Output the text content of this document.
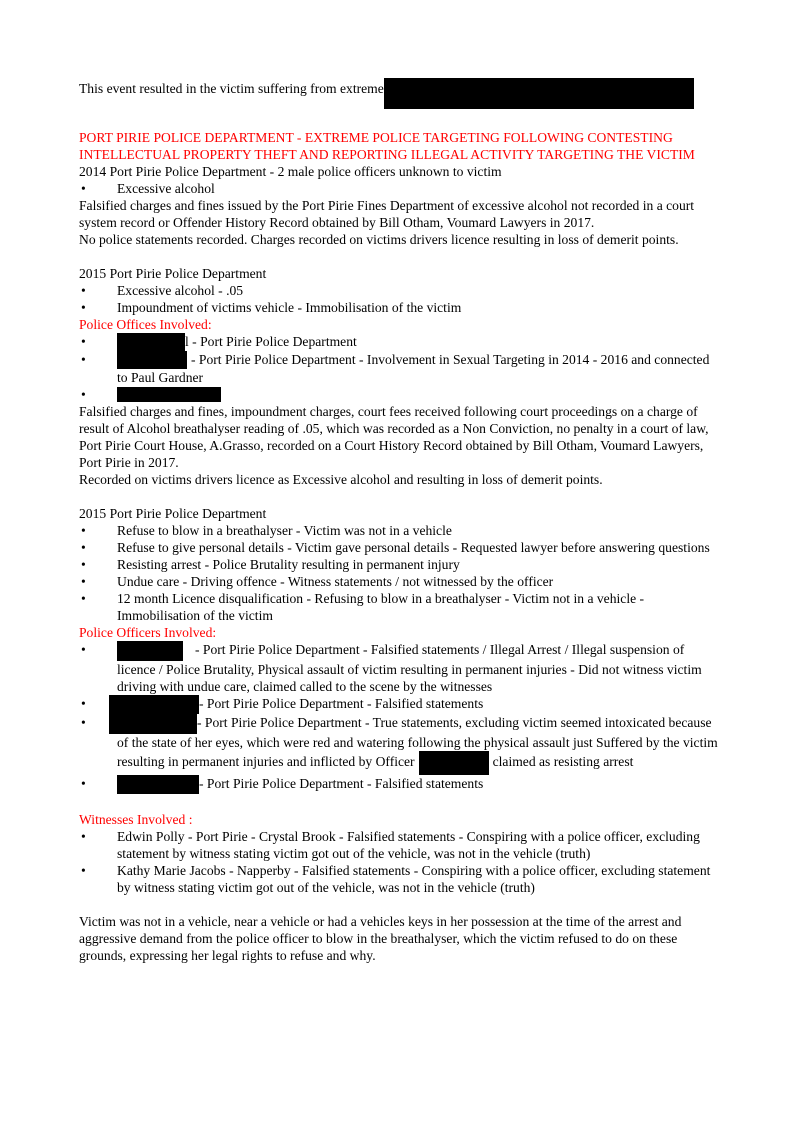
This event resulted in the victim suffering from extreme

PORT PIRIE POLICE DEPARTMENT - EXTREME POLICE TARGETING FOLLOWING CONTESTING INTELLECTUAL PROPERTY THEFT AND REPORTING ILLEGAL ACTIVITY TARGETING THE VICTIM

2014 Port Pirie Police Department - 2 male police officers unknown to victim

• Excessive alcohol

Falsified charges and fines issued by the Port Pirie Fines Department of excessive alcohol not recorded in a court system record or Offender History Record obtained by Bill Otham, Voumard Lawyers in 2017.

No police statements recorded. Charges recorded on victims drivers licence resulting in loss of demerit points.

2015 Port Pirie Police Department

• Excessive alcohol - .05
• Impoundment of victims vehicle - Immobilisation of the victim

Police Offices Involved:

•	l - Port Pirie Police Department
•	- Port Pirie Police Department - Involvement in Sexual Targeting in 2014 - 2016 and connected to Paul Gardner
•

Falsified charges and fines, impoundment charges, court fees received following court proceedings on a charge of result of Alcohol breathalyser reading of .05, which was recorded as a Non Conviction, no penalty in a court of law, Port Pirie Court House, A.Grasso, recorded on a Court History Record obtained by Bill Otham, Voumard Lawyers, Port Pirie in 2017.

Recorded on victims drivers licence as Excessive alcohol and resulting in loss of demerit points.

2015 Port Pirie Police Department

• Refuse to blow in a breathalyser - Victim was not in a vehicle
• Refuse to give personal details - Victim gave personal details - Requested lawyer before answering questions
• Resisting arrest - Police Brutality resulting in permanent injury
• Undue care - Driving offence - Witness statements / not witnessed by the officer
• 12 month Licence disqualification - Refusing to blow in a breathalyser - Victim not in a vehicle - Immobilisation of the victim

Police Officers Involved:

•	- Port Pirie Police Department - Falsified statements / Illegal Arrest / Illegal suspension of licence / Police Brutality, Physical assault of victim resulting in permanent injuries - Did not witness victim driving with undue care, claimed called to the scene by the witnesses
•	- Port Pirie Police Department - Falsified statements
•	- Port Pirie Police Department - True statements, excluding victim seemed intoxicated because of the state of her eyes, which were red and watering following the physical assault just Suffered by the victim resulting in permanent injuries and inflicted by Officer	claimed as resisting arrest
•	- Port Pirie Police Department - Falsified statements

Witnesses Involved :

• Edwin Polly - Port Pirie - Crystal Brook - Falsified statements - Conspiring with a police officer, excluding statement by witness stating victim got out of the vehicle, was not in the vehicle (truth)
• Kathy Marie Jacobs - Napperby - Falsified statements - Conspiring with a police officer, excluding statement by witness stating victim got out of the vehicle, was not in the vehicle (truth)

Victim was not in a vehicle, near a vehicle or had a vehicles keys in her possession at the time of the arrest and aggressive demand from the police officer to blow in the breathalyser, which the victim refused to do on these grounds, expressing her legal rights to refuse and why.
